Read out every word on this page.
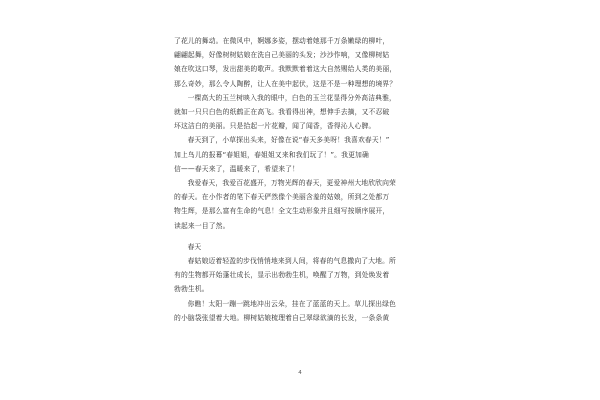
了花儿的舞动。在微风中，婀娜多姿，摆动着她那千万条嫩绿的柳叶，
翩翩起舞，好像树树姑娘在洗自己美丽的头发；沙沙作响，又像柳树姑
娘在吹这口琴，发出甜美的歌声。我默默着着这大自然赐给人类的美丽，
那么奇妙，那么令人陶醉，让人在美中起伏，这是不是一种理想的境界？
一棵高大的玉兰树映入我的眼中，白色的玉兰花显得分外高洁典雅，
就如一只只白色的纸鹤正在高飞。我看得出神，想伸手去摘，又不忍破
坏这洁白的美丽。只是拾起一片花瓣，闻了闻香，香得沁人心脾。
春天到了，小草探出头来，好像在说“春天多美呀！我喜欢春天！”
加上鸟儿的报幕“春姐姐，春姐姐又来和我们玩了！”。我更加确
信——春天来了，温暖来了，希望来了！
我爱春天，我爱百花盛开，万物光辉的春天，更爱神州大地欣欣向荣
的春天。在小作者的笔下春天俨然像个美丽含羞的姑娘，所到之处都万
物生辉，是那么富有生命的气息！全文生动形象并且细写按顺序展开，
读起来一目了然。
春天
春姑娘迈着轻盈的步伐悄悄地来到人间，将春的气息撒向了大地。所
有的生物都开始蓬壮成长，显示出勃勃生机，唤醒了万物，到处焕发着
勃勃生机。
你瞧！太阳一蹦一跳地冲出云朵，挂在了蓝蓝的天上。草儿探出绿色
的小脑袋张望着大地。柳树姑娘梳理着自己翠绿欲滴的长发，一条条黄
4
